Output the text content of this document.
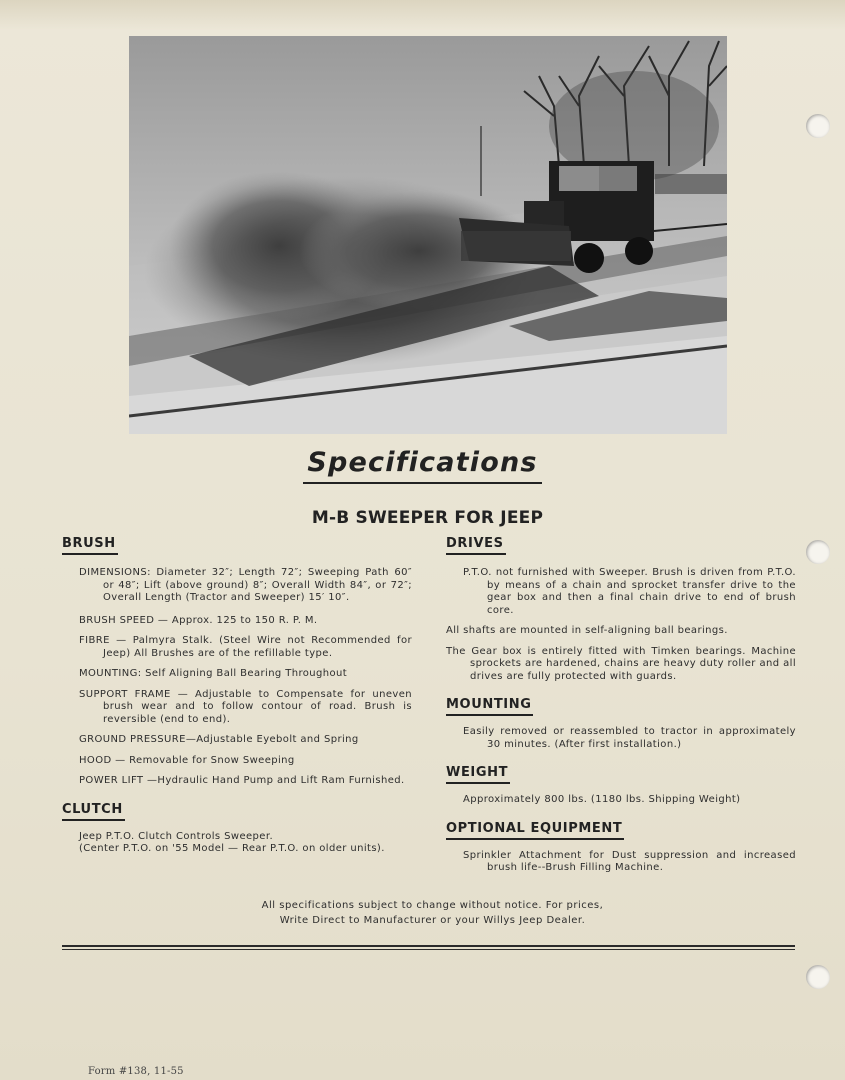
Specifications
M-B SWEEPER FOR JEEP
BRUSH

DIMENSIONS: Diameter 32″; Length 72″; Sweeping Path 60″ or 48″; Lift (above ground) 8″; Overall Width 84″, or 72″; Overall Length (Tractor and Sweeper) 15′ 10″.

BRUSH SPEED — Approx. 125 to 150 R. P. M.

FIBRE — Palmyra Stalk. (Steel Wire not Recommended for Jeep) All Brushes are of the refillable type.

MOUNTING: Self Aligning Ball Bearing Throughout

SUPPORT FRAME — Adjustable to Compensate for uneven brush wear and to follow contour of road. Brush is reversible (end to end).

GROUND PRESSURE—Adjustable Eyebolt and Spring

HOOD — Removable for Snow Sweeping

POWER LIFT —Hydraulic Hand Pump and Lift Ram Furnished.

CLUTCH

Jeep P.T.O. Clutch Controls Sweeper.

(Center P.T.O. on '55 Model — Rear P.T.O. on older units).

DRIVES

P.T.O. not furnished with Sweeper. Brush is driven from P.T.O. by means of a chain and sprocket transfer drive to the gear box and then a final chain drive to end of brush core.

All shafts are mounted in self-aligning ball bearings.

The Gear box is entirely fitted with Timken bearings. Machine sprockets are hardened, chains are heavy duty roller and all drives are fully protected with guards.

MOUNTING

Easily removed or reassembled to tractor in approximately 30 minutes. (After first installation.)

WEIGHT

Approximately 800 lbs. (1180 lbs. Shipping Weight)

OPTIONAL EQUIPMENT

Sprinkler Attachment for Dust suppression and increased brush life--Brush Filling Machine.

All specifications subject to change without notice. For prices,
Write Direct to Manufacturer or your Willys Jeep Dealer.
Form #138, 11-55
